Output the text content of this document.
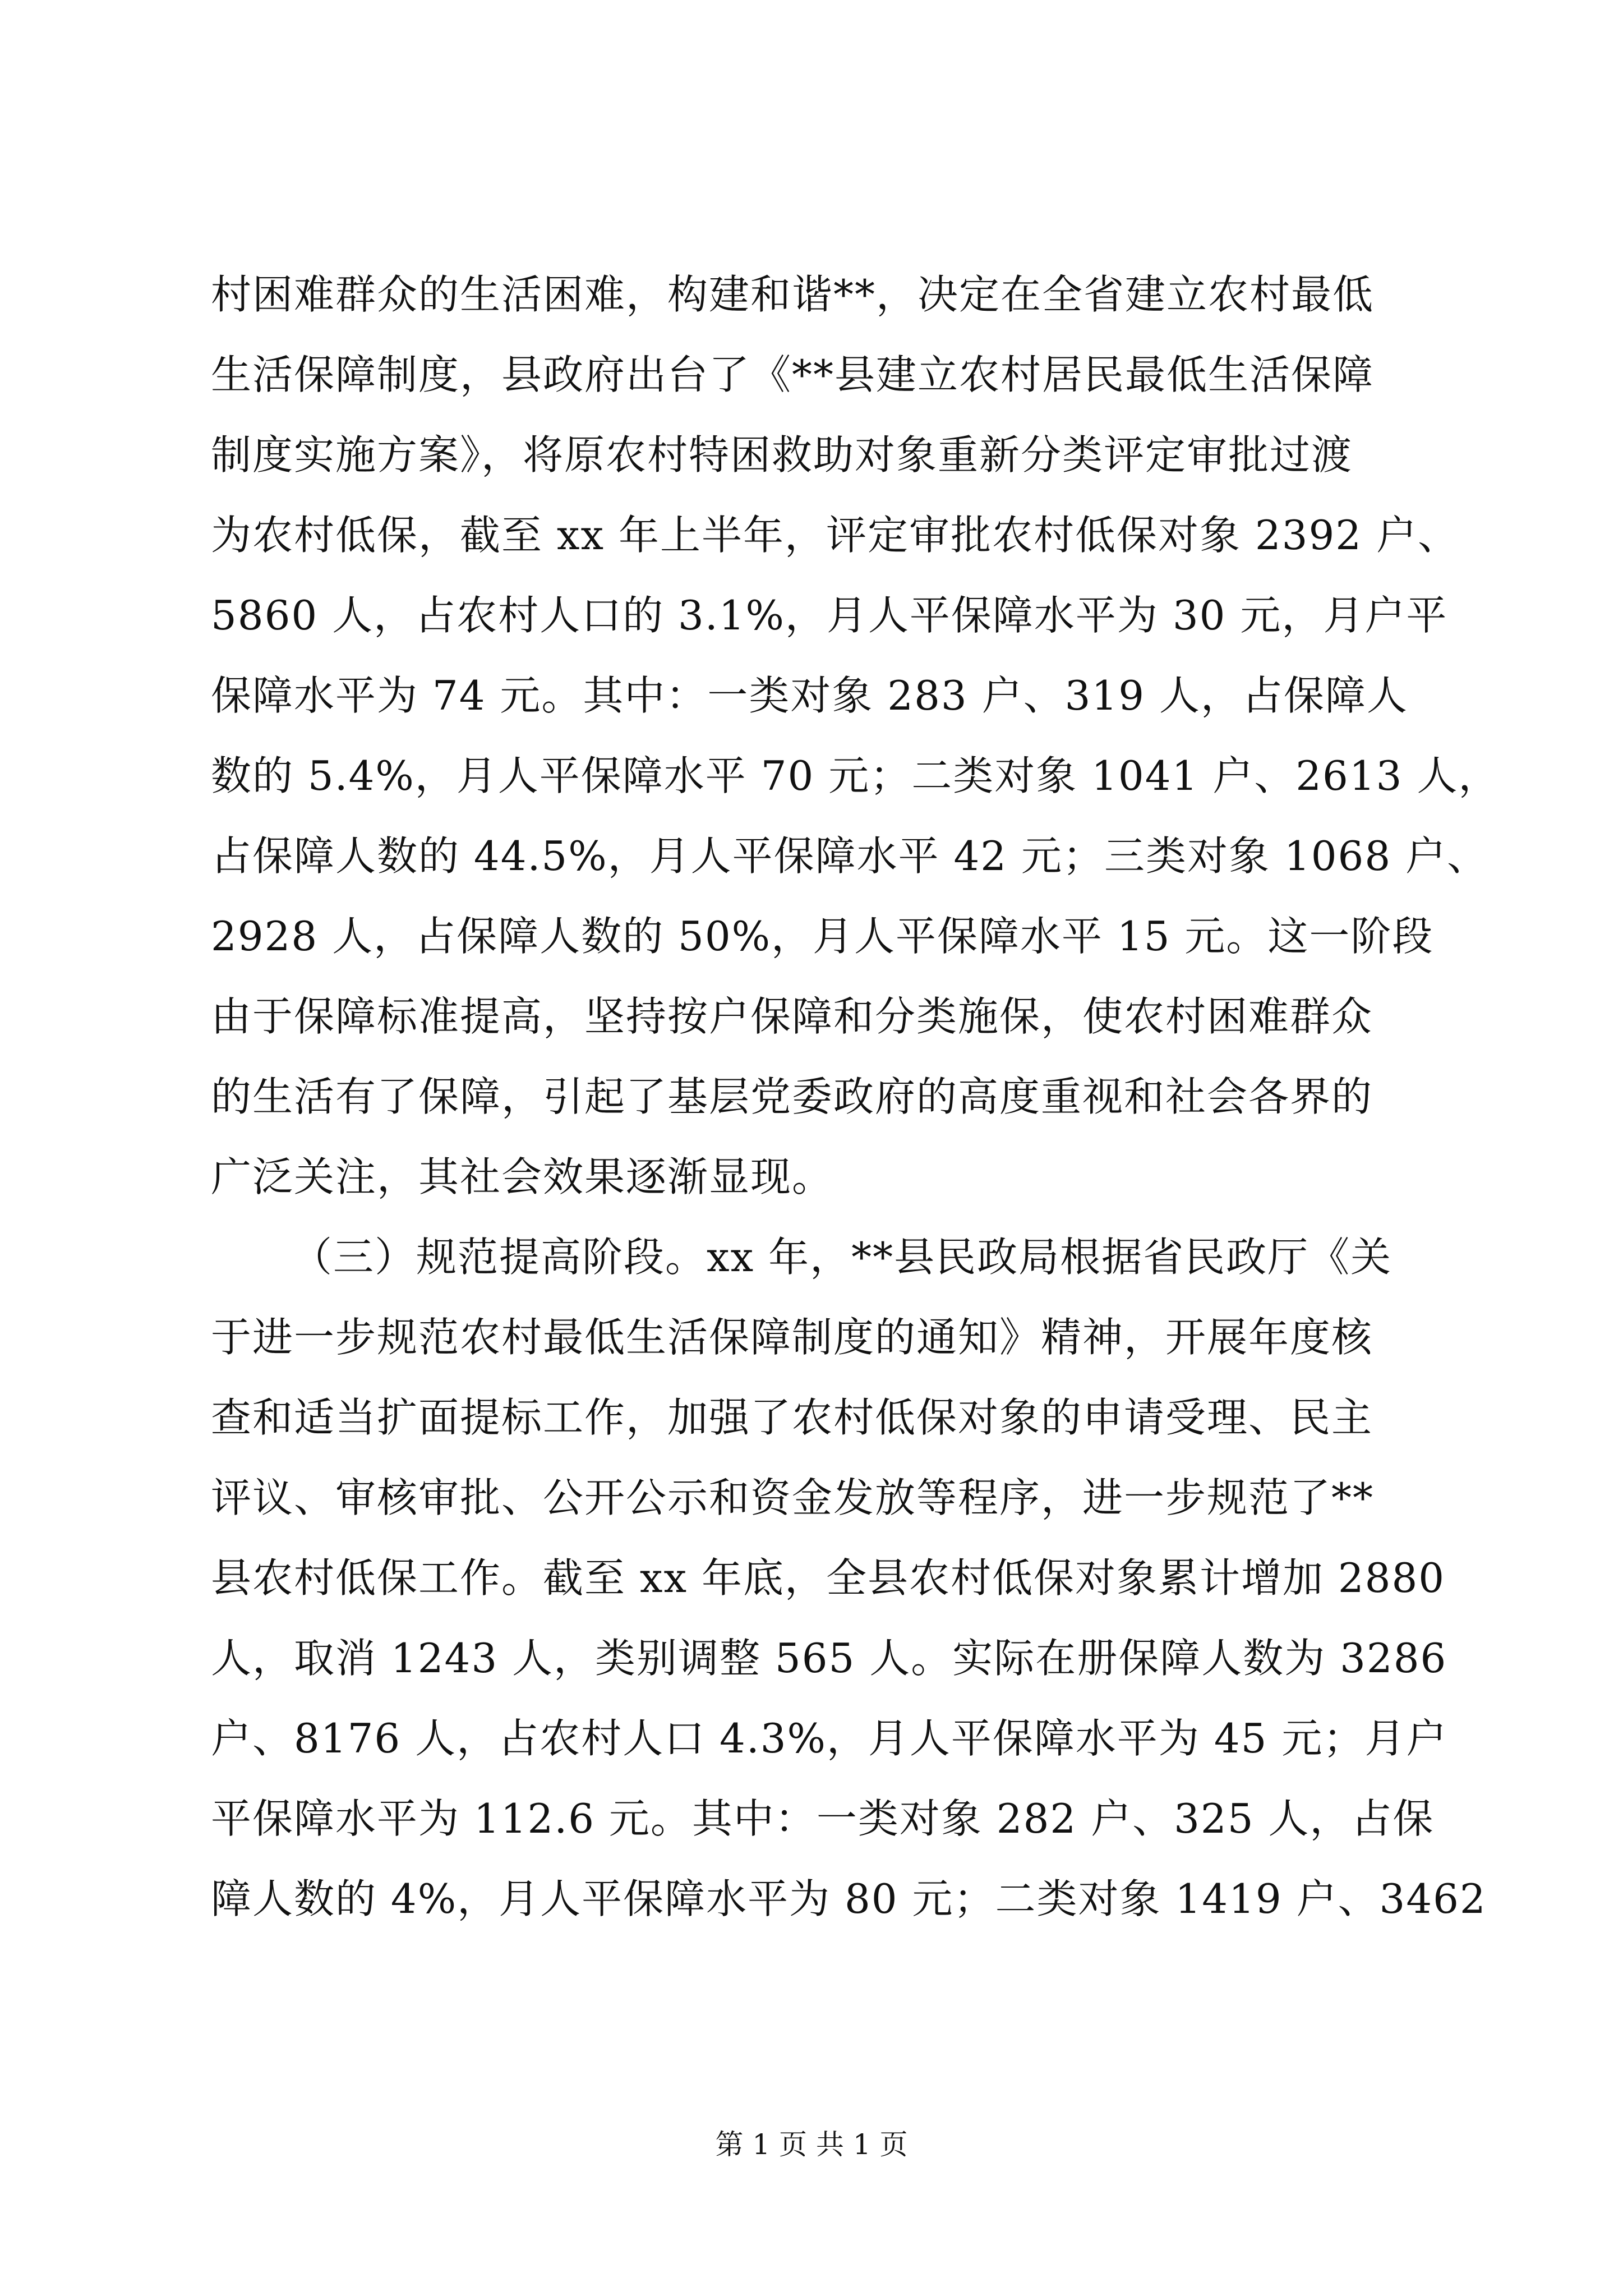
村困难群众的生活困难，构建和谐**，决定在全省建立农村最低
生活保障制度，县政府出台了《**县建立农村居民最低生活保障
制度实施方案》，将原农村特困救助对象重新分类评定审批过渡
为农村低保，截至 xx 年上半年，评定审批农村低保对象 2392 户、
5860 人，占农村人口的 3.1%，月人平保障水平为 30 元，月户平
保障水平为 74 元。其中：一类对象 283 户、319 人，占保障人
数的 5.4%，月人平保障水平 70 元；二类对象 1041 户、2613 人，
占保障人数的 44.5%，月人平保障水平 42 元；三类对象 1068 户、
2928 人，占保障人数的 50%，月人平保障水平 15 元。这一阶段
由于保障标准提高，坚持按户保障和分类施保，使农村困难群众
的生活有了保障，引起了基层党委政府的高度重视和社会各界的
广泛关注，其社会效果逐渐显现。
（三）规范提高阶段。xx 年，**县民政局根据省民政厅《关
于进一步规范农村最低生活保障制度的通知》精神，开展年度核
查和适当扩面提标工作，加强了农村低保对象的申请受理、民主
评议、审核审批、公开公示和资金发放等程序，进一步规范了**
县农村低保工作。截至 xx 年底，全县农村低保对象累计增加 2880
人，取消 1243 人，类别调整 565 人。实际在册保障人数为 3286
户、8176 人，占农村人口 4.3%，月人平保障水平为 45 元；月户
平保障水平为 112.6 元。其中：一类对象 282 户、325 人，占保
障人数的 4%，月人平保障水平为 80 元；二类对象 1419 户、3462
第 1 页 共 1 页
